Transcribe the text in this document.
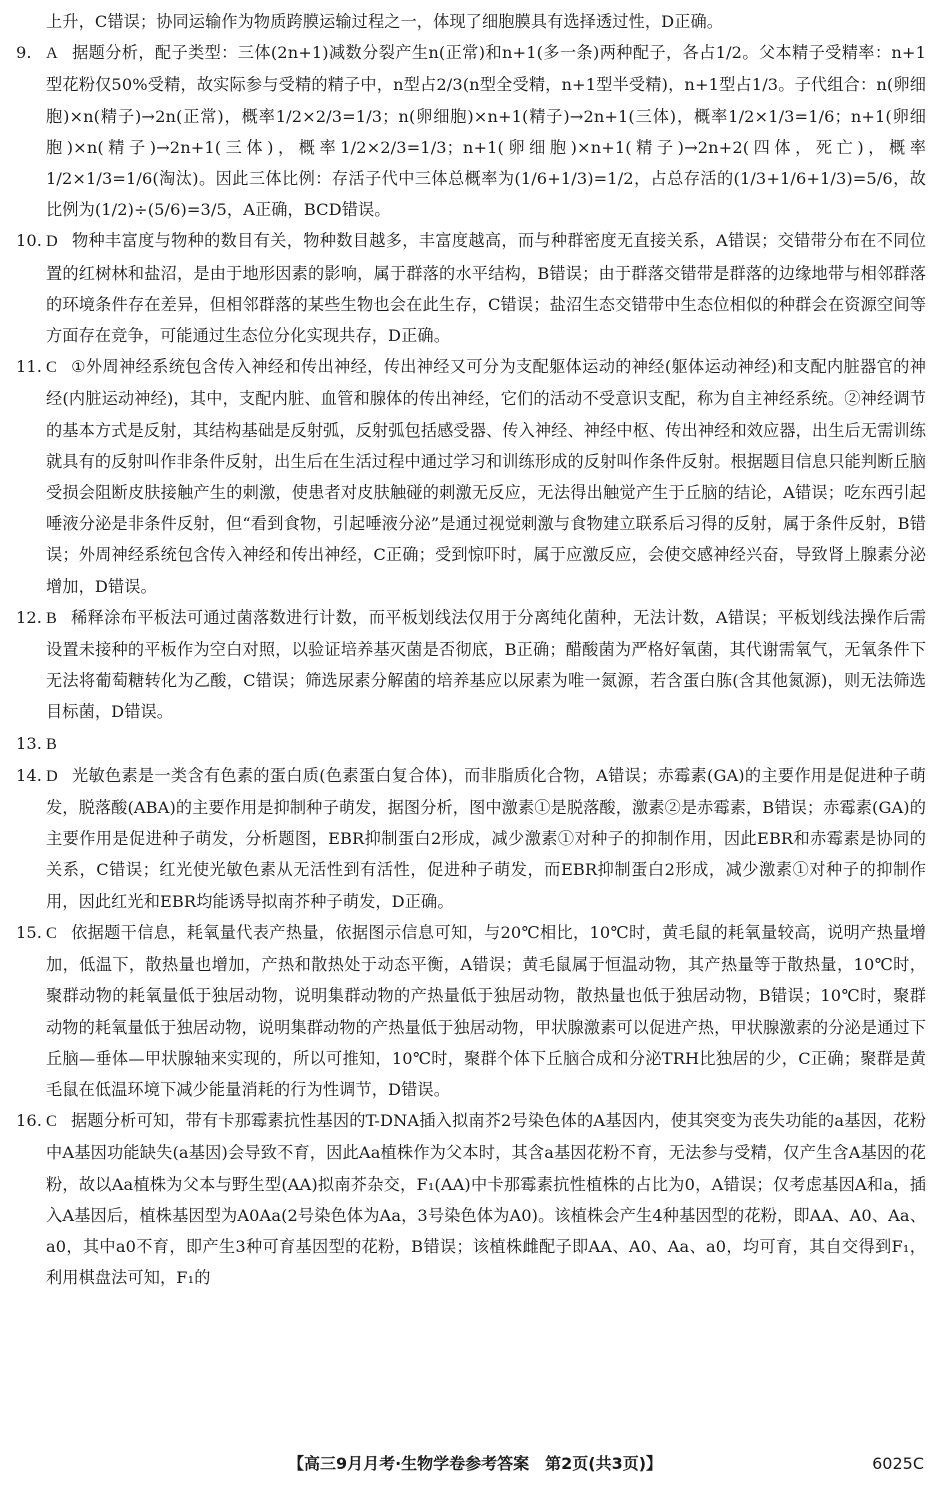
上升，C错误；协同运输作为物质跨膜运输过程之一，体现了细胞膜具有选择透过性，D正确。

9. A 据题分析，配子类型：三体(2n+1)减数分裂产生n(正常)和n+1(多一条)两种配子，各占1/2。父本精子受精率：n+1型花粉仅50%受精，故实际参与受精的精子中，n型占2/3(n型全受精，n+1型半受精)，n+1型占1/3。子代组合：n(卵细胞)×n(精子)→2n(正常)，概率1/2×2/3=1/3；n(卵细胞)×n+1(精子)→2n+1(三体)，概率1/2×1/3=1/6；n+1(卵细胞)×n(精子)→2n+1(三体)，概率1/2×2/3=1/3；n+1(卵细胞)×n+1(精子)→2n+2(四体，死亡)，概率1/2×1/3=1/6(淘汰)。因此三体比例：存活子代中三体总概率为(1/6+1/3)=1/2，占总存活的(1/3+1/6+1/3)=5/6，故比例为(1/2)÷(5/6)=3/5，A正确，BCD错误。

10. D 物种丰富度与物种的数目有关，物种数目越多，丰富度越高，而与种群密度无直接关系，A错误；交错带分布在不同位置的红树林和盐沼，是由于地形因素的影响，属于群落的水平结构，B错误；由于群落交错带是群落的边缘地带与相邻群落的环境条件存在差异，但相邻群落的某些生物也会在此生存，C错误；盐沼生态交错带中生态位相似的种群会在资源空间等方面存在竞争，可能通过生态位分化实现共存，D正确。

11. C ①外周神经系统包含传入神经和传出神经，传出神经又可分为支配躯体运动的神经(躯体运动神经)和支配内脏器官的神经(内脏运动神经)，其中，支配内脏、血管和腺体的传出神经，它们的活动不受意识支配，称为自主神经系统。②神经调节的基本方式是反射，其结构基础是反射弧，反射弧包括感受器、传入神经、神经中枢、传出神经和效应器，出生后无需训练就具有的反射叫作非条件反射，出生后在生活过程中通过学习和训练形成的反射叫作条件反射。根据题目信息只能判断丘脑受损会阻断皮肤接触产生的刺激，使患者对皮肤触碰的刺激无反应，无法得出触觉产生于丘脑的结论，A错误；吃东西引起唾液分泌是非条件反射，但“看到食物，引起唾液分泌”是通过视觉刺激与食物建立联系后习得的反射，属于条件反射，B错误；外周神经系统包含传入神经和传出神经，C正确；受到惊吓时，属于应激反应，会使交感神经兴奋，导致肾上腺素分泌增加，D错误。

12. B 稀释涂布平板法可通过菌落数进行计数，而平板划线法仅用于分离纯化菌种，无法计数，A错误；平板划线法操作后需设置未接种的平板作为空白对照，以验证培养基灭菌是否彻底，B正确；醋酸菌为严格好氧菌，其代谢需氧气，无氧条件下无法将葡萄糖转化为乙酸，C错误；筛选尿素分解菌的培养基应以尿素为唯一氮源，若含蛋白胨(含其他氮源)，则无法筛选目标菌，D错误。

13. B

14. D 光敏色素是一类含有色素的蛋白质(色素蛋白复合体)，而非脂质化合物，A错误；赤霉素(GA)的主要作用是促进种子萌发，脱落酸(ABA)的主要作用是抑制种子萌发，据图分析，图中激素①是脱落酸，激素②是赤霉素，B错误；赤霉素(GA)的主要作用是促进种子萌发，分析题图，EBR抑制蛋白2形成，减少激素①对种子的抑制作用，因此EBR和赤霉素是协同的关系，C错误；红光使光敏色素从无活性到有活性，促进种子萌发，而EBR抑制蛋白2形成，减少激素①对种子的抑制作用，因此红光和EBR均能诱导拟南芥种子萌发，D正确。

15. C 依据题干信息，耗氧量代表产热量，依据图示信息可知，与20℃相比，10℃时，黄毛鼠的耗氧量较高，说明产热量增加，低温下，散热量也增加，产热和散热处于动态平衡，A错误；黄毛鼠属于恒温动物，其产热量等于散热量，10℃时，聚群动物的耗氧量低于独居动物，说明集群动物的产热量低于独居动物，散热量也低于独居动物，B错误；10℃时，聚群动物的耗氧量低于独居动物，说明集群动物的产热量低于独居动物，甲状腺激素可以促进产热，甲状腺激素的分泌是通过下丘脑—垂体—甲状腺轴来实现的，所以可推知，10℃时，聚群个体下丘脑合成和分泌TRH比独居的少，C正确；聚群是黄毛鼠在低温环境下减少能量消耗的行为性调节，D错误。

16. C 据题分析可知，带有卡那霉素抗性基因的T-DNA插入拟南芥2号染色体的A基因内，使其突变为丧失功能的a基因，花粉中A基因功能缺失(a基因)会导致不育，因此Aa植株作为父本时，其含a基因花粉不育，无法参与受精，仅产生含A基因的花粉，故以Aa植株为父本与野生型(AA)拟南芥杂交，F₁(AA)中卡那霉素抗性植株的占比为0，A错误；仅考虑基因A和a，插入A基因后，植株基因型为A0Aa(2号染色体为Aa，3号染色体为A0)。该植株会产生4种基因型的花粉，即AA、A0、Aa、a0，其中a0不育，即产生3种可育基因型的花粉，B错误；该植株雌配子即AA、A0、Aa、a0，均可育，其自交得到F₁，利用棋盘法可知，F₁的

【高三9月月考·生物学卷参考答案　第2页(共3页)】	6025C
